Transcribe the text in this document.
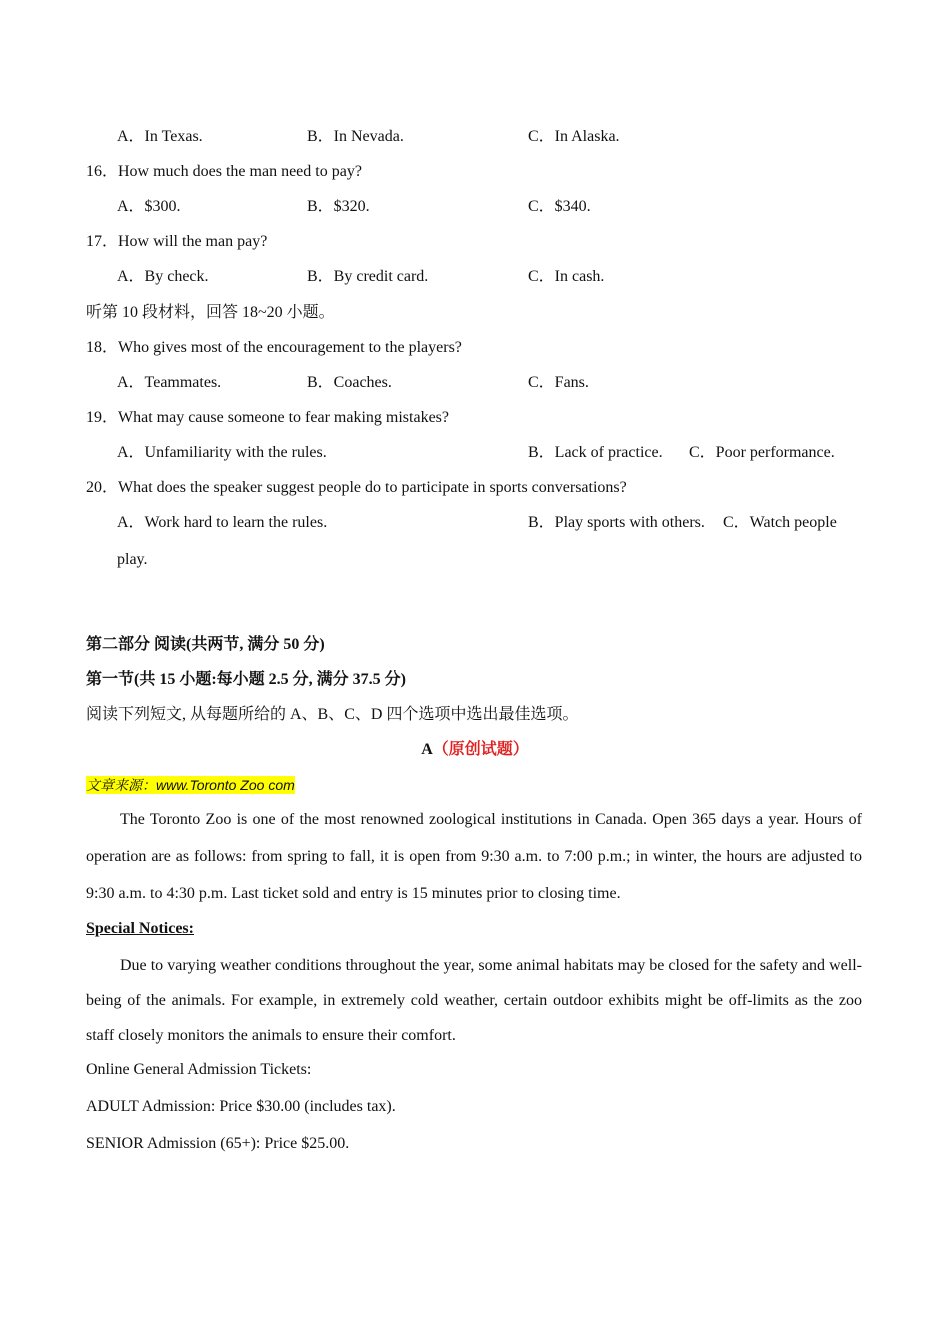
A．In Texas.	B．In Nevada.	C．In Alaska.
16．How much does the man need to pay?
A．$300.	B．$320.	C．$340.
17．How will the man pay?
A．By check.	B．By credit card.	C．In cash.
听第 10 段材料，回答 18~20 小题。
18．Who gives most of the encouragement to the players?
A．Teammates.	B．Coaches.	C．Fans.
19．What may cause someone to fear making mistakes?
A．Unfamiliarity with the rules.	B．Lack of practice. C．Poor performance.
20．What does the speaker suggest people do to participate in sports conversations?
A．Work hard to learn the rules.	B．Play sports with others. C．Watch people
play.
第二部分 阅读(共两节, 满分 50 分)
第一节(共 15 小题:每小题 2.5 分, 满分 37.5 分)
阅读下列短文, 从每题所给的 A、B、C、D 四个选项中选出最佳选项。
A（原创试题）
文章来源：www.Toronto Zoo com
The Toronto Zoo is one of the most renowned zoological institutions in Canada. Open 365 days a year. Hours of operation are as follows: from spring to fall, it is open from 9:30 a.m. to 7:00 p.m.; in winter, the hours are adjusted to 9:30 a.m. to 4:30 p.m. Last ticket sold and entry is 15 minutes prior to closing time.
Special Notices:
Due to varying weather conditions throughout the year, some animal habitats may be closed for the safety and well-being of the animals. For example, in extremely cold weather, certain outdoor exhibits might be off-limits as the zoo staff closely monitors the animals to ensure their comfort.
Online General Admission Tickets:
ADULT Admission: Price $30.00 (includes tax).
SENIOR Admission (65+): Price $25.00.
